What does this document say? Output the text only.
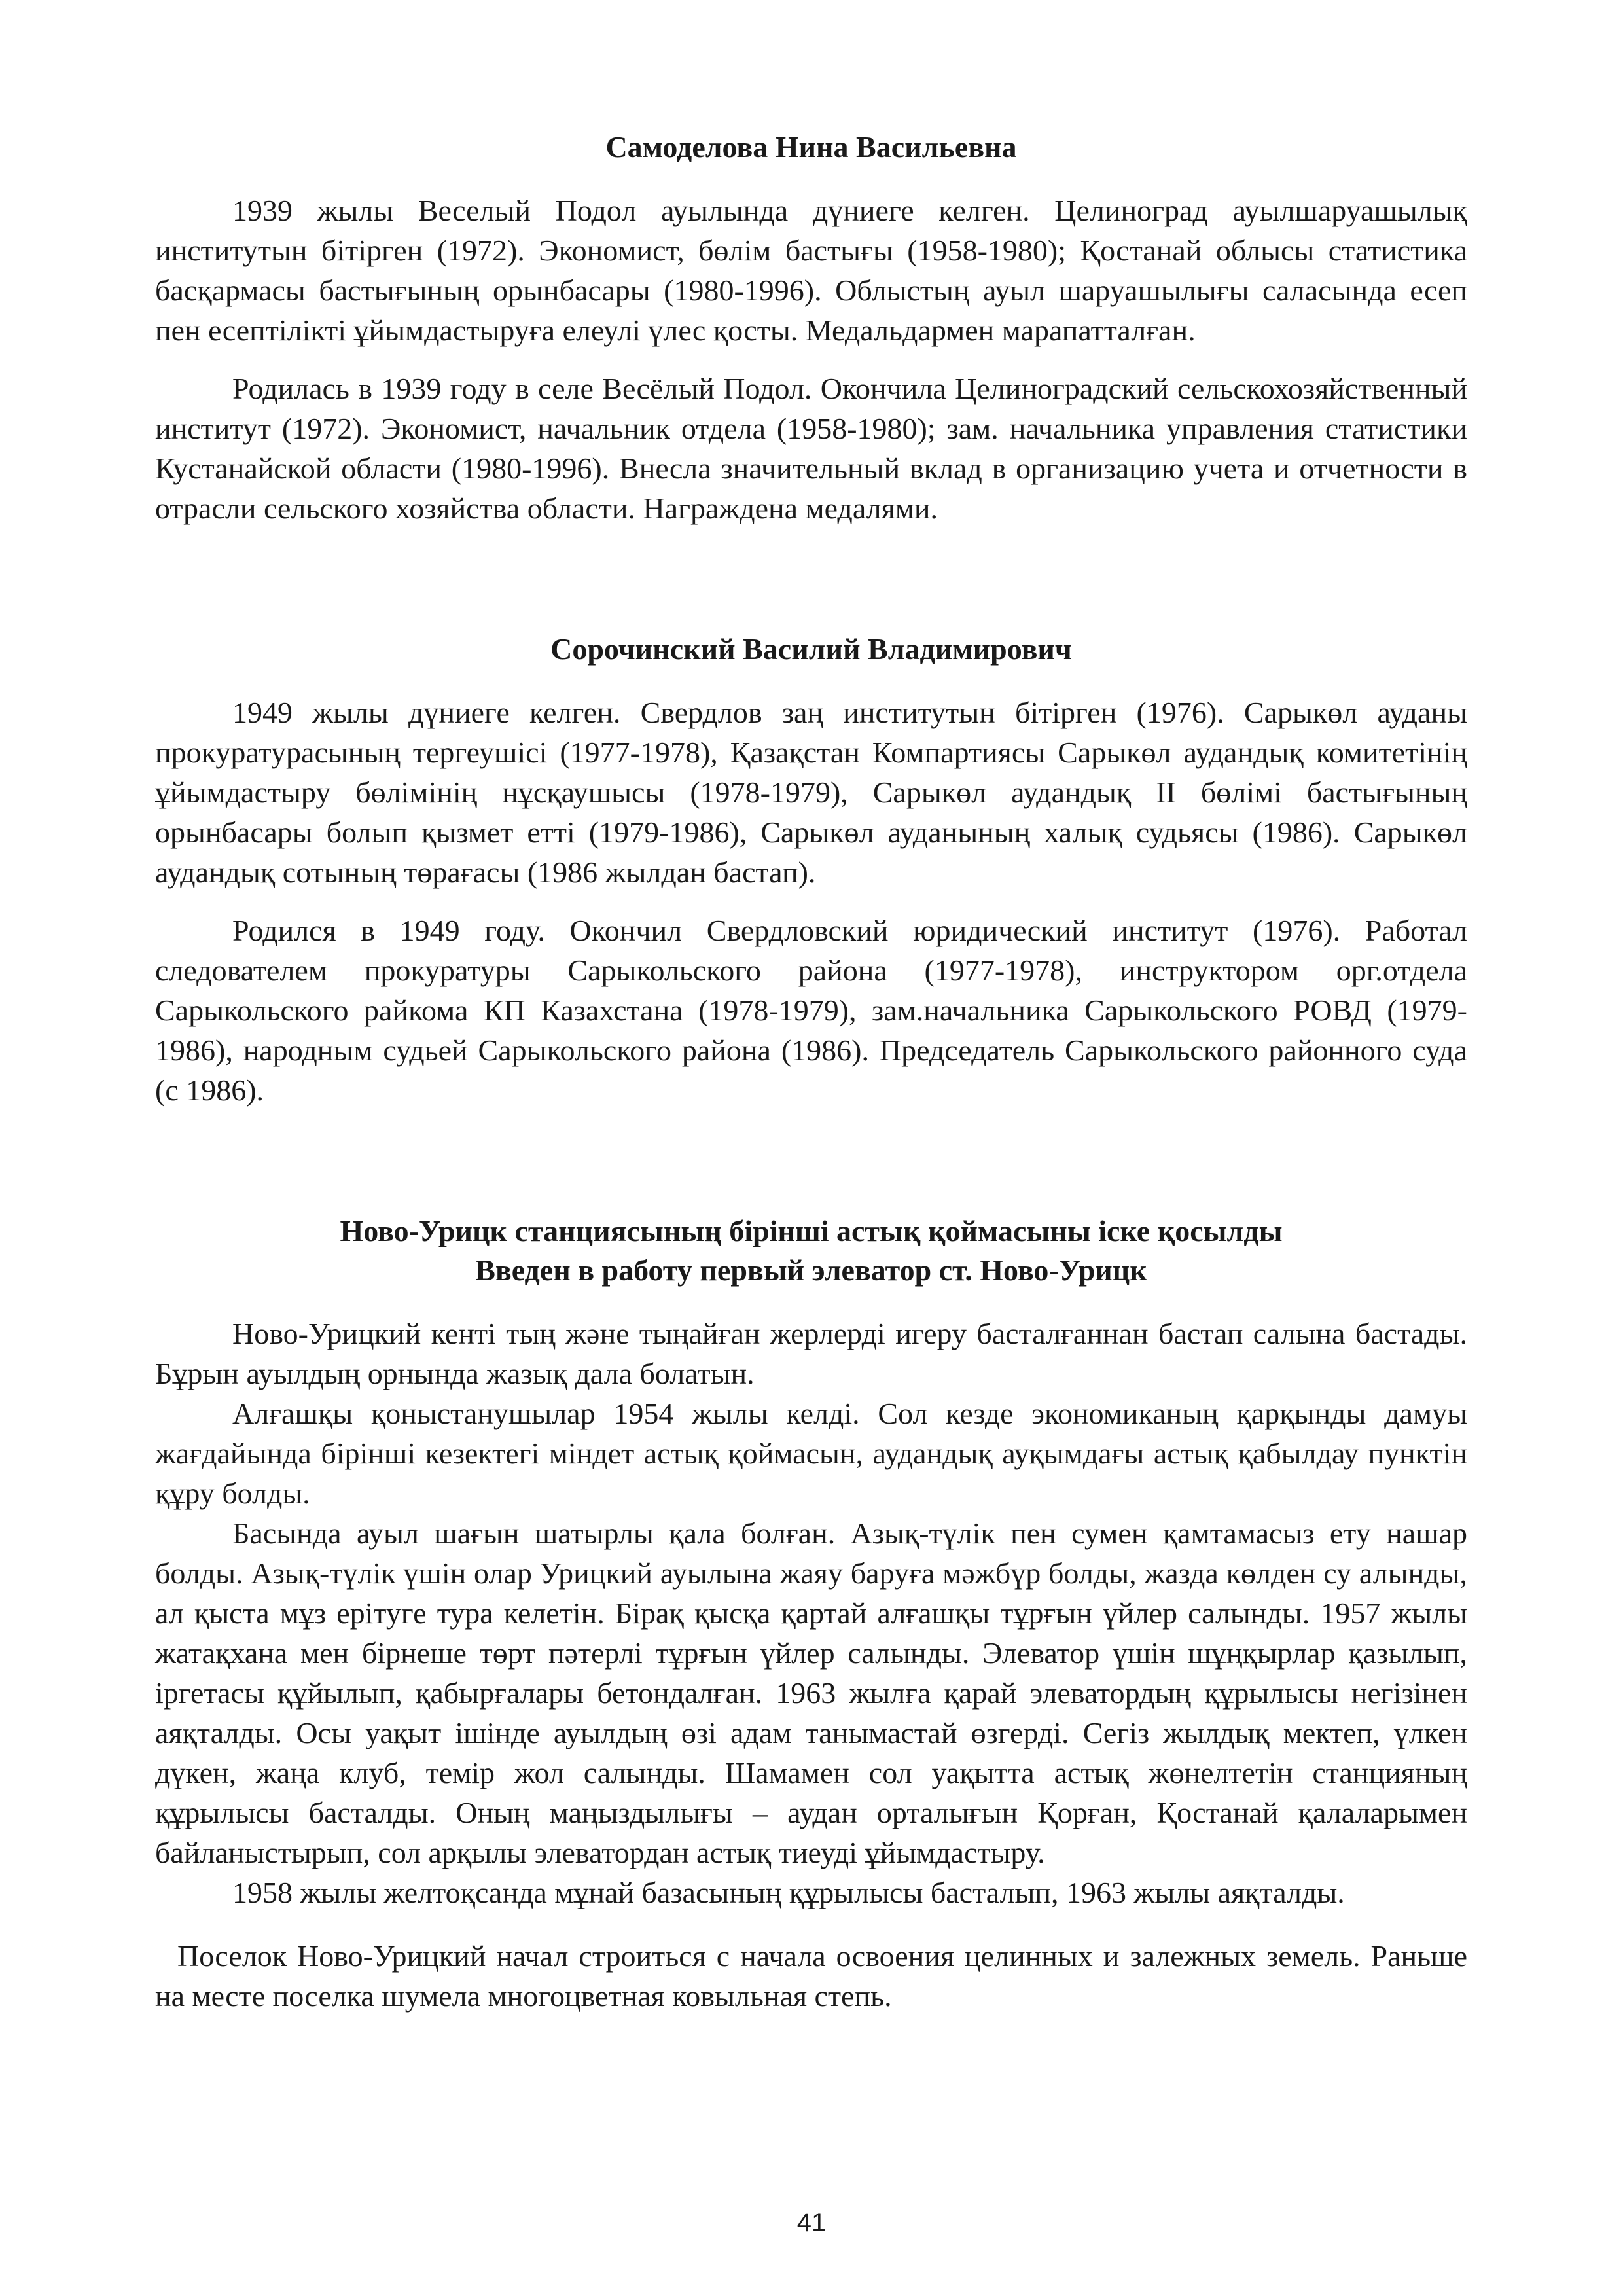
Самоделова Нина Васильевна

1939 жылы Веселый Подол ауылында дүниеге келген. Целиноград ауылшаруашылық институтын бітірген (1972). Экономист, бөлім бастығы (1958-1980); Қостанай облысы статистика басқармасы бастығының орынбасары (1980-1996). Облыстың ауыл шаруашылығы саласында есеп пен есептілікті ұйымдастыруға елеулі үлес қосты. Медальдармен марапатталған.

Родилась в 1939 году в селе Весёлый Подол. Окончила Целиноградский сельскохозяйственный институт (1972). Экономист, начальник отдела (1958-1980); зам. начальника управления статистики Кустанайской области (1980-1996). Внесла значительный вклад в организацию учета и отчетности в отрасли сельского хозяйства области. Награждена медалями.

Сорочинский Василий Владимирович

1949 жылы дүниеге келген. Свердлов заң институтын бітірген (1976). Сарыкөл ауданы прокуратурасының тергеушісі (1977-1978), Қазақстан Компартиясы Сарыкөл аудандық комитетінің ұйымдастыру бөлімінің нұсқаушысы (1978-1979), Сарыкөл аудандық ІІ бөлімі бастығының орынбасары болып қызмет етті (1979-1986), Сарыкөл ауданының халық судьясы (1986). Сарыкөл аудандық сотының төрағасы (1986 жылдан бастап).

Родился в 1949 году. Окончил Свердловский юридический институт (1976). Работал следователем прокуратуры Сарыкольского района (1977-1978), инструктором орг.отдела Сарыкольского райкома КП Казахстана (1978-1979), зам.начальника Сарыкольского РОВД (1979-1986), народным судьей Сарыкольского района (1986). Председатель Сарыкольского районного суда (с 1986).

Ново-Урицк станциясының бірінші астық қоймасыны іске қосылды
Введен в работу первый элеватор ст. Ново-Урицк

Ново-Урицкий кенті тың және тыңайған жерлерді игеру басталғаннан бастап салына бастады. Бұрын ауылдың орнында жазық дала болатын.

Алғашқы қоныстанушылар 1954 жылы келді. Сол кезде экономиканың қарқынды дамуы жағдайында бірінші кезектегі міндет астық қоймасын, аудандық ауқымдағы астық қабылдау пунктін құру болды.

Басында ауыл шағын шатырлы қала болған. Азық-түлік пен сумен қамтамасыз ету нашар болды. Азық-түлік үшін олар Урицкий ауылына жаяу баруға мәжбүр болды, жазда көлден су алынды, ал қыста мұз ерітуге тура келетін. Бірақ қысқа қартай алғашқы тұрғын үйлер салынды. 1957 жылы жатақхана мен бірнеше төрт пәтерлі тұрғын үйлер салынды. Элеватор үшін шұңқырлар қазылып, іргетасы құйылып, қабырғалары бетондалған. 1963 жылға қарай элеватордың құрылысы негізінен аяқталды. Осы уақыт ішінде ауылдың өзі адам танымастай өзгерді. Сегіз жылдық мектеп, үлкен дүкен, жаңа клуб, темір жол салынды. Шамамен сол уақытта астық жөнелтетін станцияның құрылысы басталды. Оның маңыздылығы – аудан орталығын Қорған, Қостанай қалаларымен байланыстырып, сол арқылы элеватордан астық тиеуді ұйымдастыру.

1958 жылы желтоқсанда мұнай базасының құрылысы басталып, 1963 жылы аяқталды.

Поселок Ново-Урицкий начал строиться с начала освоения целинных и залежных земель. Раньше на месте поселка шумела многоцветная ковыльная степь.

41
